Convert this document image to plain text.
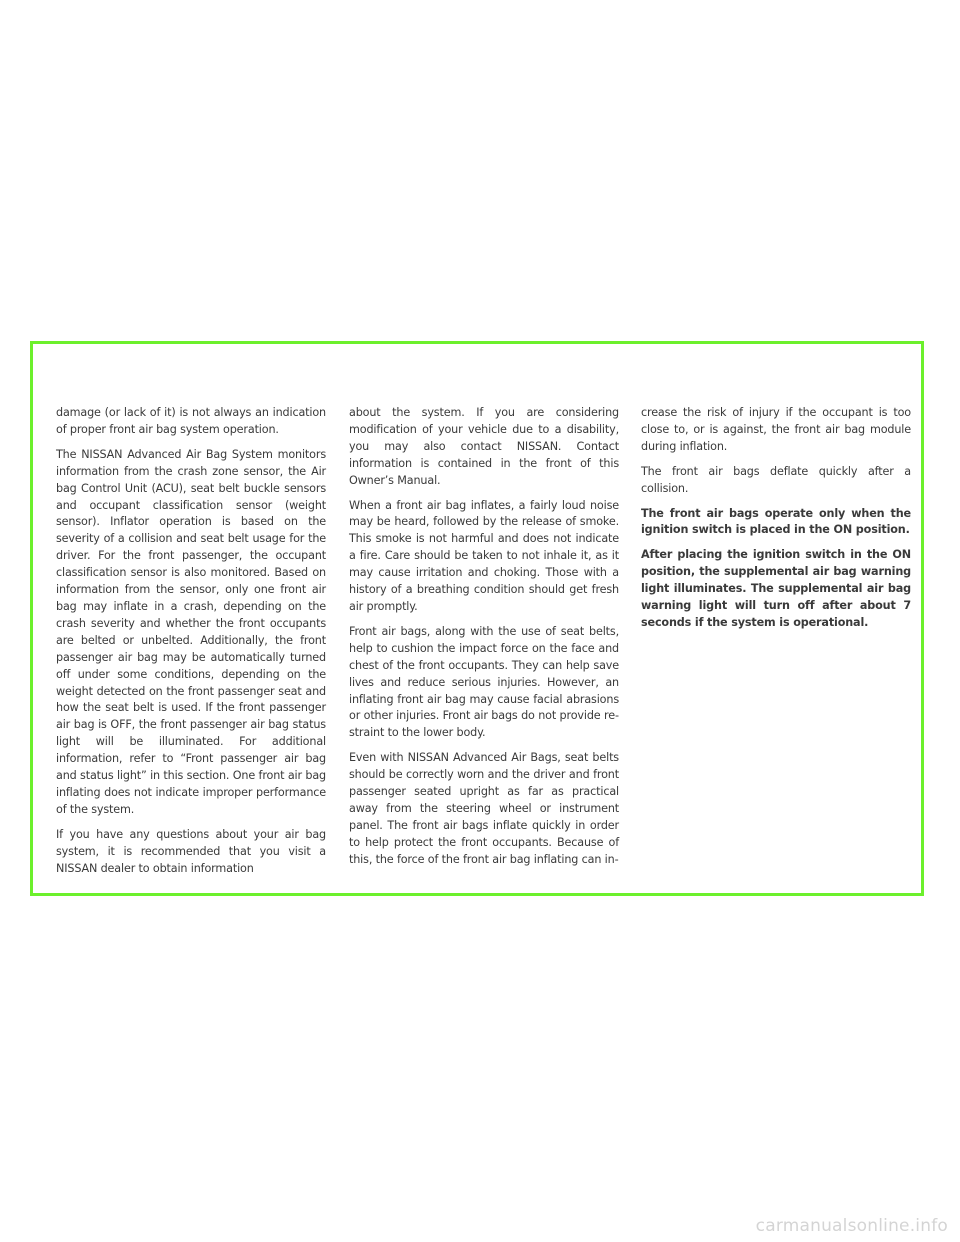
damage (or lack of it) is not always an indication of proper front air bag system operation.

The NISSAN Advanced Air Bag System monitors information from the crash zone sensor, the Air bag Control Unit (ACU), seat belt buckle sensors and occupant classification sensor (weight sensor). Inflator operation is based on the severity of a collision and seat belt usage for the driver. For the front passenger, the occupant classification sensor is also monitored. Based on information from the sensor, only one front air bag may inflate in a crash, depending on the crash severity and whether the front occupants are belted or unbelted. Additionally, the front passenger air bag may be automatically turned off under some conditions, depending on the weight detected on the front passenger seat and how the seat belt is used. If the front passenger air bag is OFF, the front passenger air bag status light will be illuminated. For additional information, refer to “Front passenger air bag and status light” in this section. One front air bag inflating does not indicate improper performance of the system.

If you have any questions about your air bag system, it is recommended that you visit a NISSAN dealer to obtain information

about the system. If you are considering modification of your vehicle due to a disability, you may also contact NISSAN. Contact information is contained in the front of this Owner’s Manual.

When a front air bag inflates, a fairly loud noise may be heard, followed by the release of smoke. This smoke is not harmful and does not indicate a fire. Care should be taken to not inhale it, as it may cause irritation and choking. Those with a history of a breathing condition should get fresh air promptly.

Front air bags, along with the use of seat belts, help to cushion the impact force on the face and chest of the front occupants. They can help save lives and reduce serious injuries. However, an inflating front air bag may cause facial abrasions or other injuries. Front air bags do not provide restraint to the lower body.

Even with NISSAN Advanced Air Bags, seat belts should be correctly worn and the driver and front passenger seated upright as far as practical away from the steering wheel or instrument panel. The front air bags inflate quickly in order to help protect the front occupants. Because of this, the force of the front air bag inflating can in-

crease the risk of injury if the occupant is too close to, or is against, the front air bag module during inflation.

The front air bags deflate quickly after a collision.

The front air bags operate only when the ignition switch is placed in the ON position.

After placing the ignition switch in the ON position, the supplemental air bag warning light illuminates. The supplemental air bag warning light will turn off after about 7 seconds if the system is operational.

carmanualsonline.info
